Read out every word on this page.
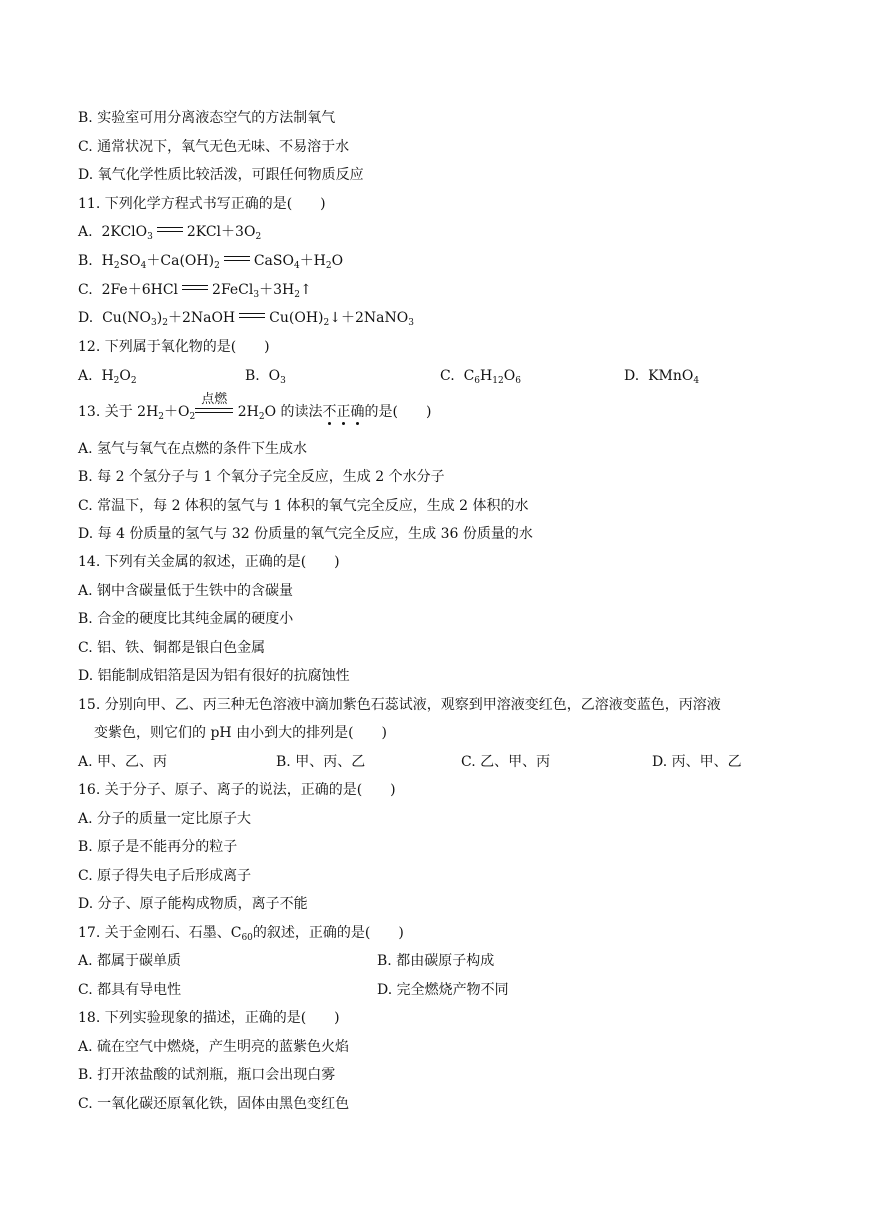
B. 实验室可用分离液态空气的方法制氧气
C. 通常状况下，氧气无色无味、不易溶于水
D. 氧气化学性质比较活泼，可跟任何物质反应
11. 下列化学方程式书写正确的是(　　)
A.  2KClO$_3$ $2KCl+3O_2$
B.  $H_2SO_4+Ca(OH)_2$ $CaSO_4+H_2O$
C.  2Fe＋6HCl $2FeCl_3+3H_2↑$
D.  $Cu(NO_3)_2+2NaOH$ $Cu(OH)_2↓+2NaNO_3$
12. 下列属于氧化物的是(　　)
A.  $H_2O_2$	B.  $O_3$	C.  $C_6H_{12}O_6$	D.  KMnO$_4$
13. 关于 $2H_2+O_2$
点燃
$2H_2O$ 的读法不正确的是(　　)
A. 氢气与氧气在点燃的条件下生成水
B. 每 2 个氢分子与 1 个氧分子完全反应，生成 2 个水分子
C. 常温下，每 2 体积的氢气与 1 体积的氧气完全反应，生成 2 体积的水
D. 每 4 份质量的氢气与 32 份质量的氧气完全反应，生成 36 份质量的水
14. 下列有关金属的叙述，正确的是(　　)
A. 钢中含碳量低于生铁中的含碳量
B. 合金的硬度比其纯金属的硬度小
C. 铝、铁、铜都是银白色金属
D. 铝能制成铝箔是因为铝有很好的抗腐蚀性
15. 分别向甲、乙、丙三种无色溶液中滴加紫色石蕊试液，观察到甲溶液变红色，乙溶液变蓝色，丙溶液
变紫色，则它们的 pH 由小到大的排列是(　　)
A. 甲、乙、丙	B. 甲、丙、乙	C. 乙、甲、丙	D. 丙、甲、乙
16. 关于分子、原子、离子的说法，正确的是(　　)
A. 分子的质量一定比原子大
B. 原子是不能再分的粒子
C. 原子得失电子后形成离子
D. 分子、原子能构成物质，离子不能
17. 关于金刚石、石墨、$C_{60}$的叙述，正确的是(　　)
A. 都属于碳单质	B. 都由碳原子构成
C. 都具有导电性	D. 完全燃烧产物不同
18. 下列实验现象的描述，正确的是(　　)
A. 硫在空气中燃烧，产生明亮的蓝紫色火焰
B. 打开浓盐酸的试剂瓶，瓶口会出现白雾
C. 一氧化碳还原氧化铁，固体由黑色变红色
